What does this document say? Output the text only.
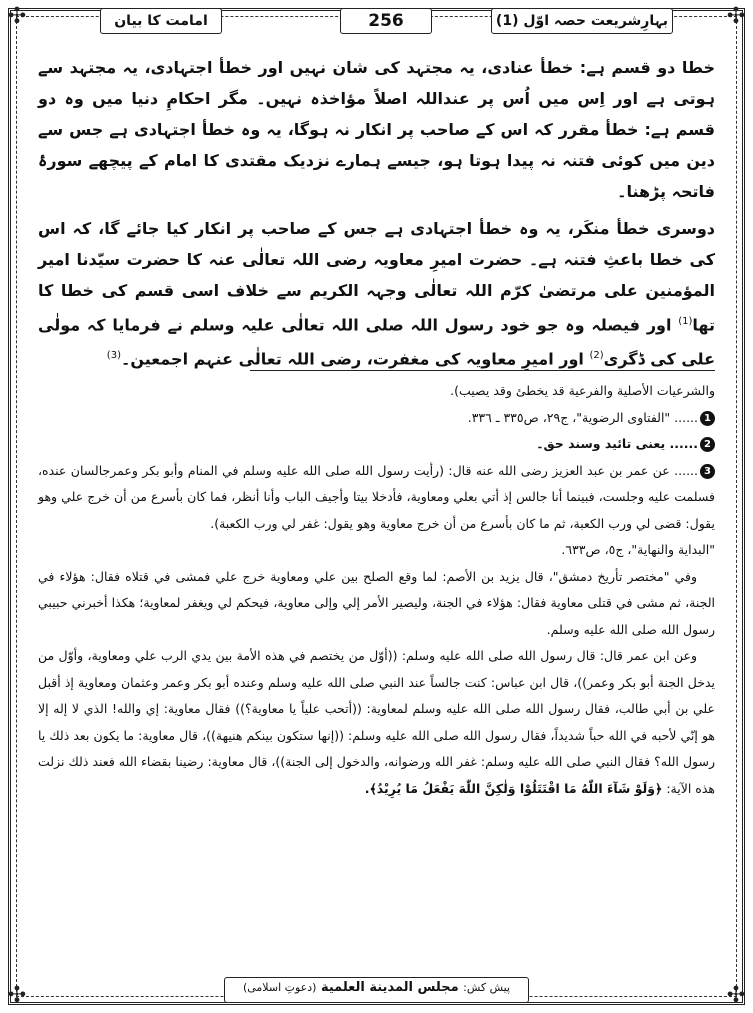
✣	✣
✣	✣
امامت کا بیان	256	بہارِشریعت حصہ اوّل (1)

خطا دو قسم ہے: خطأ عنادی، یہ مجتہد کی شان نہیں اور خطأ اجتہادی، یہ مجتہد سے ہوتی ہے اور اِس میں اُس پر عنداللہ اصلاً مؤاخذہ نہیں۔ مگر احکامِ دنیا میں وہ دو قسم ہے: خطأ مقرر کہ اس کے صاحب پر انکار نہ ہوگا، یہ وہ خطأ اجتہادی ہے جس سے دین میں کوئی فتنہ نہ پیدا ہوتا ہو، جیسے ہمارے نزدیک مقتدی کا امام کے پیچھے سورۂ فاتحہ پڑھنا۔

دوسری خطأ منکَر، یہ وہ خطأ اجتہادی ہے جس کے صاحب پر انکار کیا جائے گا، کہ اس کی خطا باعثِ فتنہ ہے۔ حضرت امیرِ معاویہ رضی اللہ تعالٰی عنہ کا حضرت سیّدنا امیر المؤمنین علی مرتضیٰ کرّم اللہ تعالٰی وجہہ الکریم سے خلاف اسی قسم کی خطا کا تھا$^{(1)}$ اور فیصلہ وہ جو خود رسول اللہ صلی اللہ تعالٰی علیہ وسلم نے فرمایا کہ مولٰی علی کی ڈگری$^{(2)}$ اور امیرِ معاویہ کی مغفرت، رضی اللہ تعالٰی عنہم اجمعین۔$^{(3)}$

والشرعيات الأصلية والفرعية قد يخطئ وقد يصيب).

1...... "الفتاوى الرضوية"، ج٢٩، ص٣٣٥ ـ ٣٣٦.

2...... یعنی تائید وسند حق۔

3...... عن عمر بن عبد العزيز رضى الله عنه قال: (رأيت رسول الله صلى الله عليه وسلم في المنام وأبو بكر وعمرجالسان عنده، فسلمت عليه وجلست، فبينما أنا جالس إذ أتي بعلي ومعاوية، فأدخلا بيتا وأجيف الباب وأنا أنظر، فما كان بأسرع من أن خرج علي وهو يقول: قضى لي ورب الكعبة، ثم ما كان بأسرع من أن خرج معاوية وهو يقول: غفر لي ورب الكعبة).

"البداية والنهاية"، ج٥، ص٦٣٣.

وفي "مختصر تأريخ دمشق"، قال يزيد بن الأصم: لما وقع الصلح بين علي ومعاوية خرج علي فمشى في قتلاه فقال: هؤلاء في الجنة، ثم مشى في قتلى معاوية فقال: هؤلاء في الجنة، وليصير الأمر إلي وإلى معاوية، فيحكم لي ويغفر لمعاوية؛ هكذا أخبرني حبيبي رسول الله صلى الله عليه وسلم.

وعن ابن عمر قال: قال رسول الله صلى الله عليه وسلم: ((أوّل من يختصم في هذه الأمة بين يدي الرب علي ومعاوية، وأوّل من يدخل الجنة أبو بكر وعمر))، قال ابن عباس: كنت جالساً عند النبي صلى الله عليه وسلم وعنده أبو بكر وعمر وعثمان ومعاوية إذ أقبل علي بن أبي طالب، فقال رسول الله صلى الله عليه وسلم لمعاوية: ((أتحب علياً يا معاوية؟)) فقال معاوية: إي والله! الذي لا إله إلا هو إنّي لأحبه في الله حباً شديداً، فقال رسول الله صلى الله عليه وسلم: ((إنها ستكون بينكم هنيهة))، قال معاوية: ما يكون بعد ذلك يا رسول الله؟ فقال النبي صلى الله عليه وسلم: غفر الله ورضوانه، والدخول إلى الجنة))، قال معاوية: رضينا بقضاء الله فعند ذلك نزلت هذه الآية: ﴿وَلَوْ شَآءَ اللّٰهُ مَا اقْتَتَلُوْا وَلٰكِنَّ اللّٰهَ يَفْعَلُ مَا يُرِيْدُ﴾.

پیش کش: مجلس المدينة العلمية (دعوتِ اسلامی)
